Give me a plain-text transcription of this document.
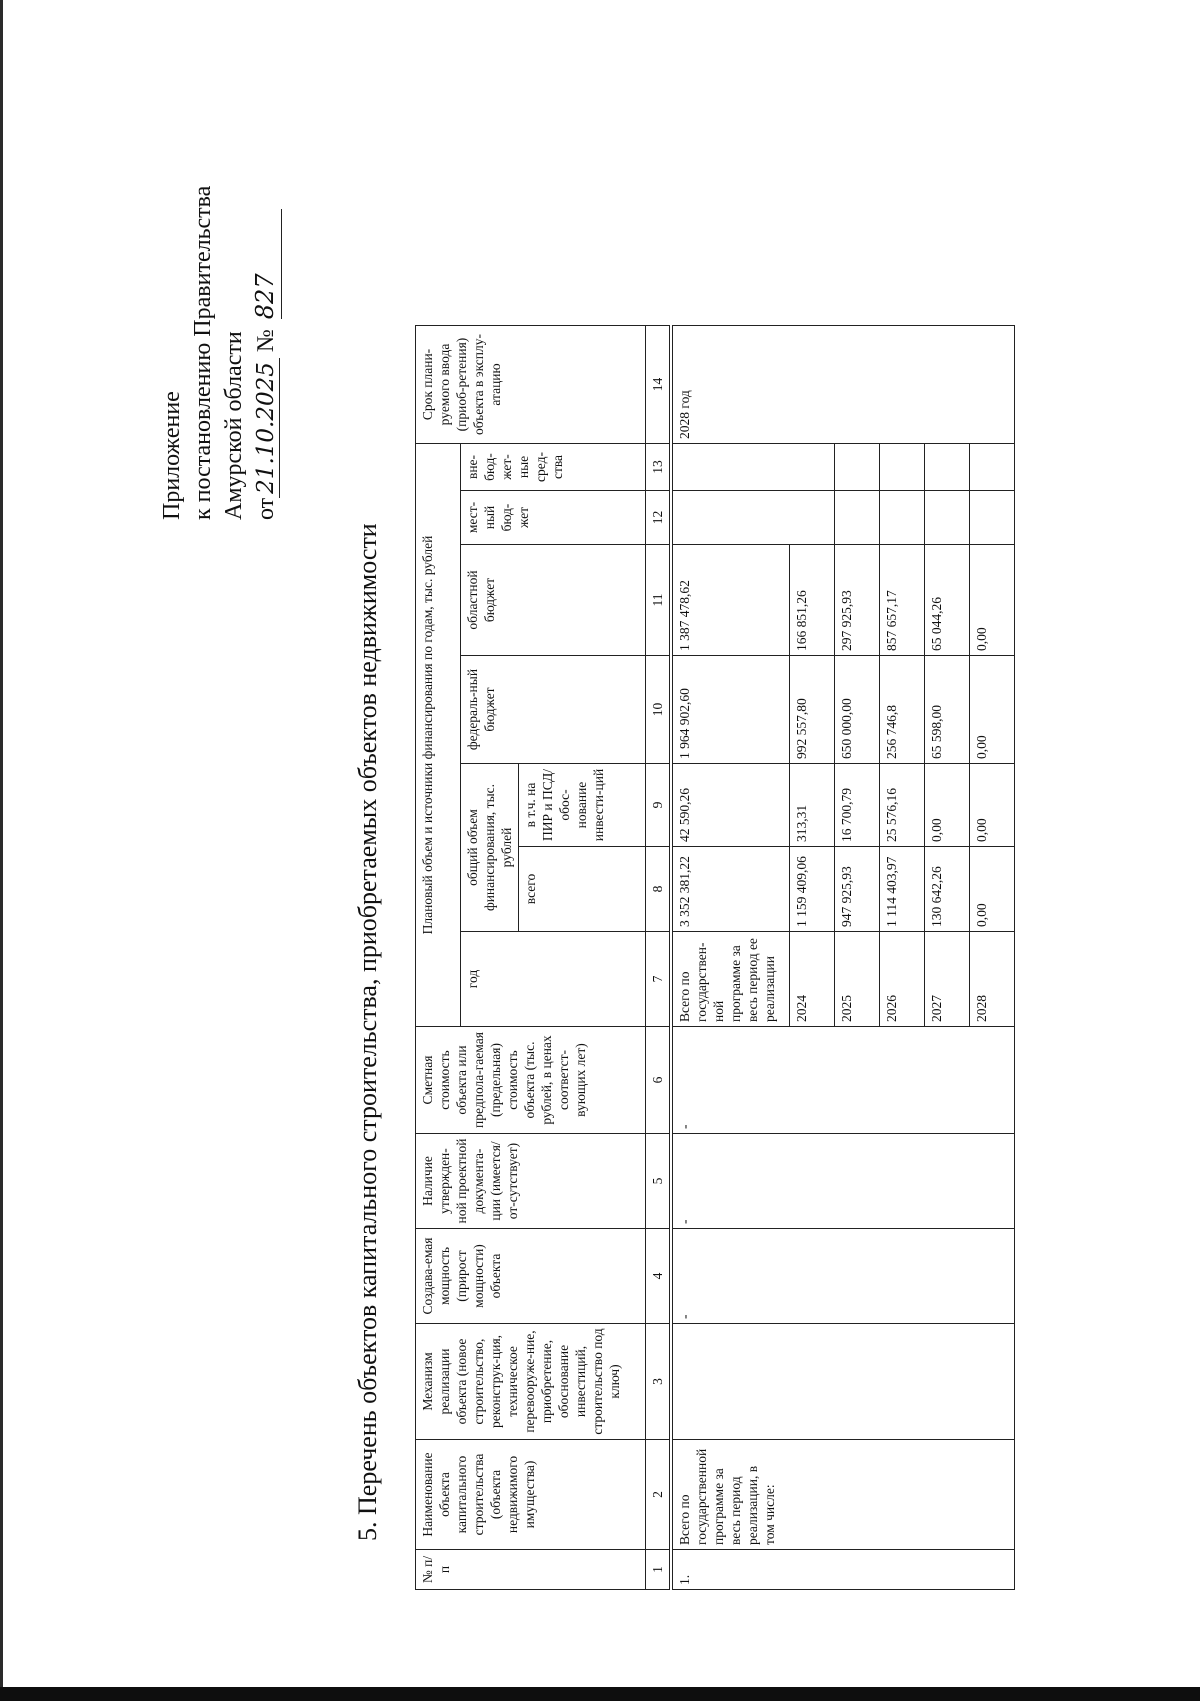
Приложение к постановлению Правительства Амурской области от21.10.2025 №827
5. Перечень объектов капитального строительства, приобретаемых объектов недвижимости
№ п/п	Наименование объекта капитального строительства (объекта недвижимого имущества)	Механизм реализации объекта (новое строительство, реконструк-ция, техническое перевооруже-ние, приобретение, обоснование инвестиций, строительство под ключ)	Создава-емая мощность (прирост мощности) объекта	Наличие утвержден-ной проектной документа-ции (имеется/от-сутствует)	Сметная стоимость объекта или предпола-гаемая (предельная) стоимость объекта (тыс. рублей, в ценах соответст-вующих лет)	Плановый объем и источники финансирования по годам, тыс. рублей							Срок плани-руемого ввода (приоб-ретения) объекта в эксплу-атацию
						год	общий объем финансирования, тыс. рублей		федераль-ный бюджет	областной бюджет	мест-ный бюд-жет	вне-бюд-жет-ные сред-ства	
							всего	в т.ч. на ПИР и ПСД/ обос-нование инвести-ций					
1	2	3	4	5	6	7	8	9	10	11	12	13	14
1.	Всего по государственной программе за весь период реализации, в том числе:		-	-	-	Всего по государствен-ной программе за весь период ее реализации	3 352 381,22	42 590,26	1 964 902,60	1 387 478,62			2028 год
						2024	1 159 409,06	313,31	992 557,80	166 851,26			
						2025	947 925,93	16 700,79	650 000,00	297 925,93			
						2026	1 114 403,97	25 576,16	256 746,8	857 657,17			
						2027	130 642,26	0,00	65 598,00	65 044,26			
						2028	0,00	0,00	0,00	0,00			
